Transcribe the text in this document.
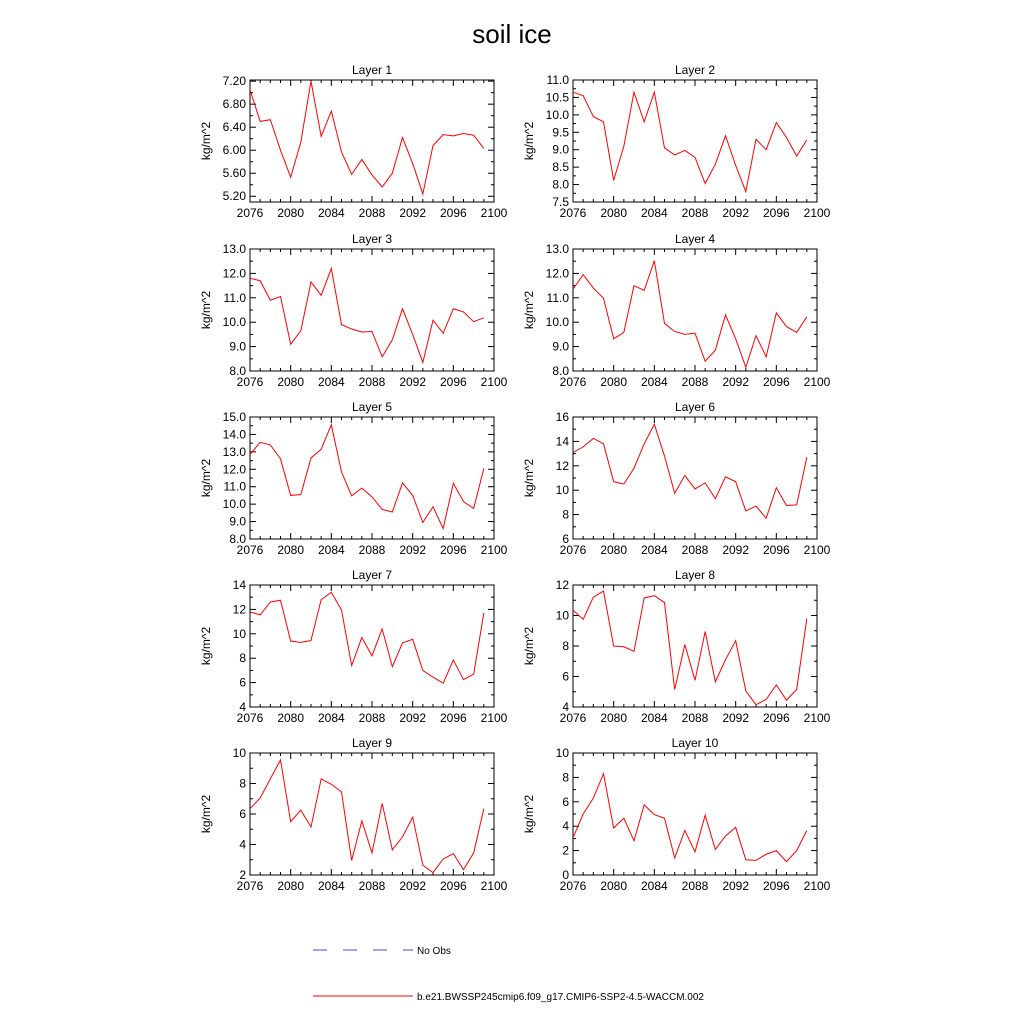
soil ice
Layer 1
2076 2080 2084 2088 2092 2096 2100
5.20
5.60
6.00
6.40
6.80
7.20
kg/m^2
Layer 2
2076 2080 2084 2088 2092 2096 2100
7.5
8.0
8.5
9.0
9.5
10.0
10.5
11.0
kg/m^2
Layer 3
2076 2080 2084 2088 2092 2096 2100
8.0
9.0
10.0
11.0
12.0
13.0
kg/m^2
Layer 4
2076 2080 2084 2088 2092 2096 2100
8.0
9.0
10.0
11.0
12.0
13.0
kg/m^2
Layer 5
2076 2080 2084 2088 2092 2096 2100
8.0
9.0
10.0
11.0
12.0
13.0
14.0
15.0
kg/m^2
Layer 6
2076 2080 2084 2088 2092 2096 2100
6
8
10
12
14
16
kg/m^2
Layer 7
2076 2080 2084 2088 2092 2096 2100
4
6
8
10
12
14
kg/m^2
Layer 8
2076 2080 2084 2088 2092 2096 2100
4
6
8
10
12
kg/m^2
Layer 9
2076 2080 2084 2088 2092 2096 2100
2
4
6
8
10
kg/m^2
Layer 10
2076 2080 2084 2088 2092 2096 2100
0
2
4
6
8
10
kg/m^2
No Obs
b.e21.BWSSP245cmip6.f09_g17.CMIP6-SSP2-4.5-WACCM.002
